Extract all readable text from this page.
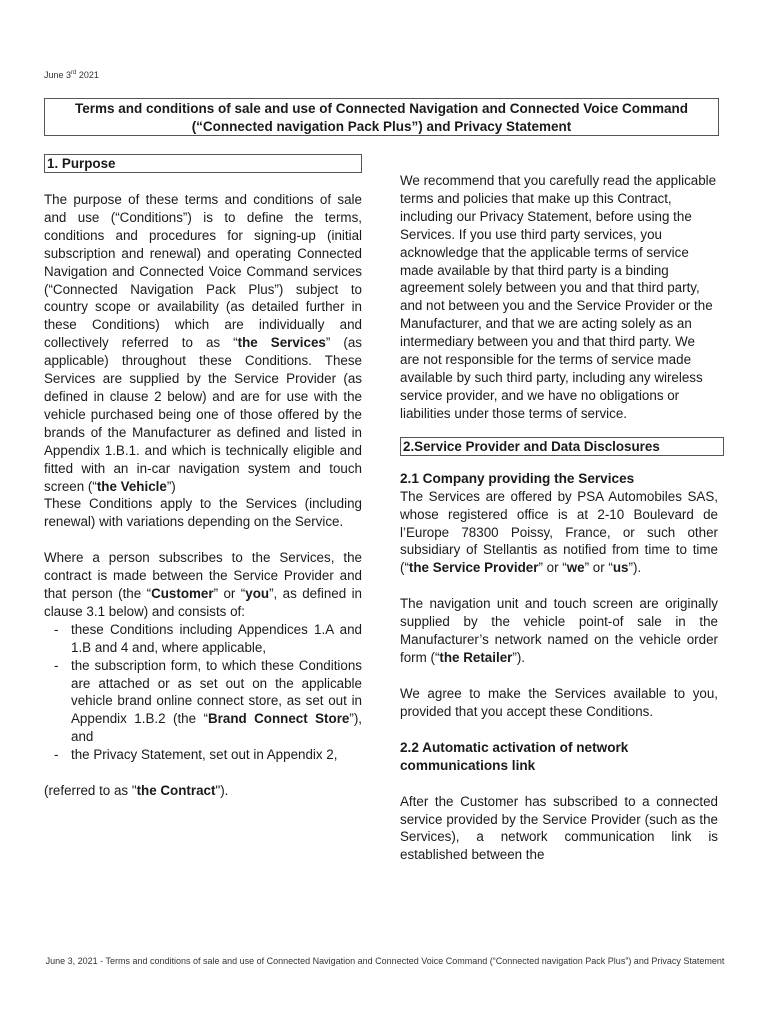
June 3rd 2021
Terms and conditions of sale and use of Connected Navigation and Connected Voice Command (“Connected navigation Pack Plus”) and Privacy Statement
1. Purpose

The purpose of these terms and conditions of sale and use (“Conditions”) is to define the terms, conditions and procedures for signing-up (initial subscription and renewal) and operating Connected Navigation and Connected Voice Command services (“Connected Navigation Pack Plus”) subject to country scope or availability (as detailed further in these Conditions) which are individually and collectively referred to as “the Services” (as applicable) throughout these Conditions. These Services are supplied by the Service Provider (as defined in clause 2 below) and are for use with the vehicle purchased being one of those offered by the brands of the Manufacturer as defined and listed in Appendix 1.B.1. and which is technically eligible and fitted with an in-car navigation system and touch screen (“the Vehicle”)

These Conditions apply to the Services (including renewal) with variations depending on the Service.

Where a person subscribes to the Services, the contract is made between the Service Provider and that person (the “Customer” or “you”, as defined in clause 3.1 below) and consists of:

- these Conditions including Appendices 1.A and 1.B and 4 and, where applicable,
- the subscription form, to which these Conditions are attached or as set out on the applicable vehicle brand online connect store, as set out in Appendix 1.B.2 (the “Brand Connect Store”), and
- the Privacy Statement, set out in Appendix 2,

(referred to as "the Contract").

We recommend that you carefully read the applicable terms and policies that make up this Contract, including our Privacy Statement, before using the Services. If you use third party services, you acknowledge that the applicable terms of service made available by that third party is a binding agreement solely between you and that third party, and not between you and the Service Provider or the Manufacturer, and that we are acting solely as an intermediary between you and that third party. We are not responsible for the terms of service made available by such third party, including any wireless service provider, and we have no obligations or liabilities under those terms of service.

2.Service Provider and Data Disclosures
2.1 Company providing the Services

The Services are offered by PSA Automobiles SAS, whose registered office is at 2-10 Boulevard de l’Europe 78300 Poissy, France, or such other subsidiary of Stellantis as notified from time to time (“the Service Provider” or “we” or “us”).

The navigation unit and touch screen are originally supplied by the vehicle point-of sale in the Manufacturer’s network named on the vehicle order form (“the Retailer”).

We agree to make the Services available to you, provided that you accept these Conditions.

2.2 Automatic activation of network communications link

After the Customer has subscribed to a connected service provided by the Service Provider (such as the Services), a network communication link is established between the

June 3, 2021 - Terms and conditions of sale and use of Connected Navigation and Connected Voice Command (“Connected navigation Pack Plus”) and Privacy Statement
